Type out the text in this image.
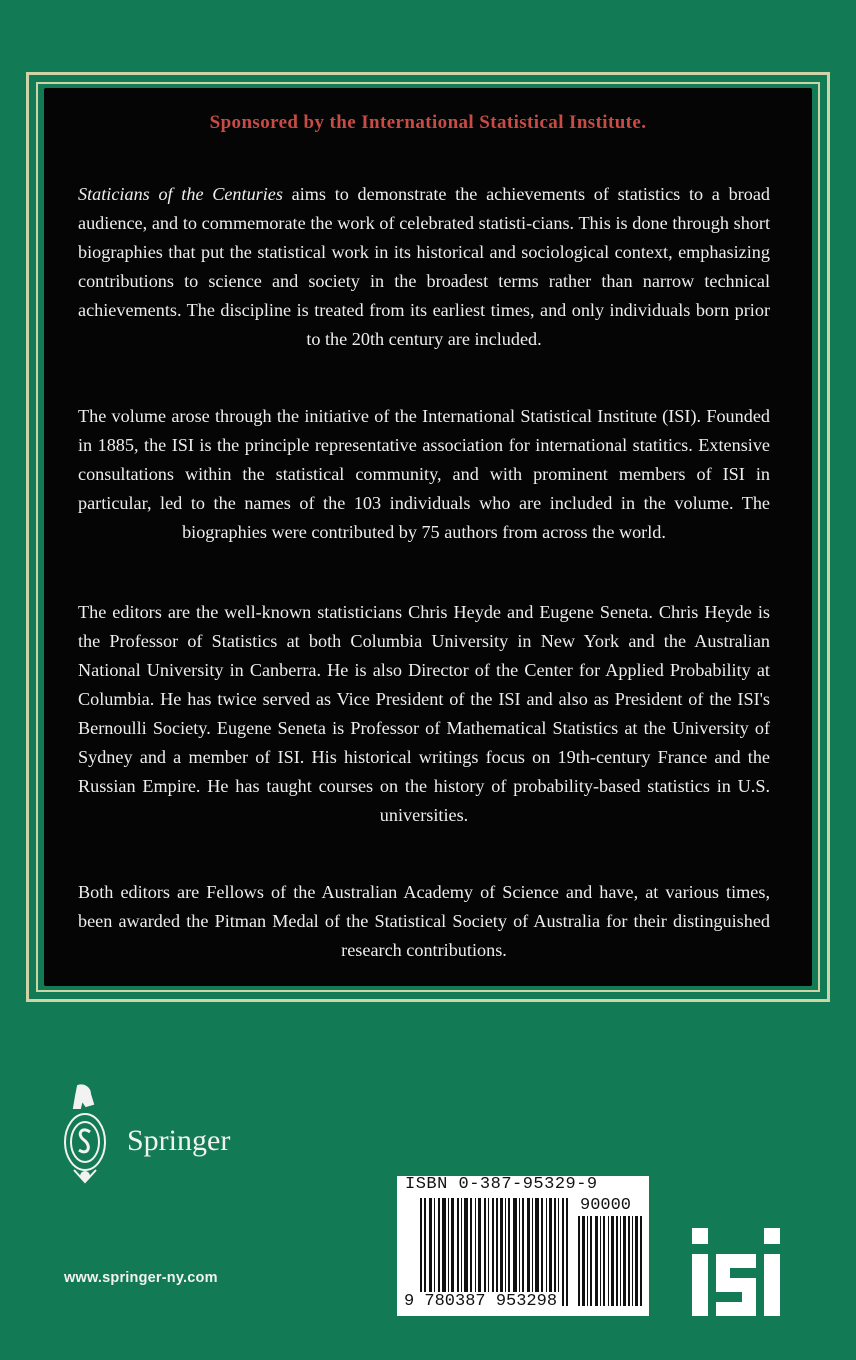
Sponsored by the International Statistical Institute.
Staticians of the Centuries aims to demonstrate the achievements of statistics to a broad audience, and to commemorate the work of celebrated statisti-cians. This is done through short biographies that put the statistical work in its historical and sociological context, emphasizing contributions to science and society in the broadest terms rather than narrow technical achievements. The discipline is treated from its earliest times, and only individuals born prior to the 20th century are included.
The volume arose through the initiative of the International Statistical Institute (ISI). Founded in 1885, the ISI is the principle representative association for international statitics. Extensive consultations within the statistical community, and with prominent members of ISI in particular, led to the names of the 103 individuals who are included in the volume. The biographies were contributed by 75 authors from across the world.
The editors are the well-known statisticians Chris Heyde and Eugene Seneta. Chris Heyde is the Professor of Statistics at both Columbia University in New York and the Australian National University in Canberra. He is also Director of the Center for Applied Probability at Columbia. He has twice served as Vice President of the ISI and also as President of the ISI's Bernoulli Society. Eugene Seneta is Professor of Mathematical Statistics at the University of Sydney and a member of ISI. His historical writings focus on 19th-century France and the Russian Empire. He has taught courses on the history of probability-based statistics in U.S. universities.
Both editors are Fellows of the Australian Academy of Science and have, at various times, been awarded the Pitman Medal of the Statistical Society of Australia for their distinguished research contributions.
Springer
www.springer-ny.com
ISBN 0-387-95329-9
90000
9 780387 953298
